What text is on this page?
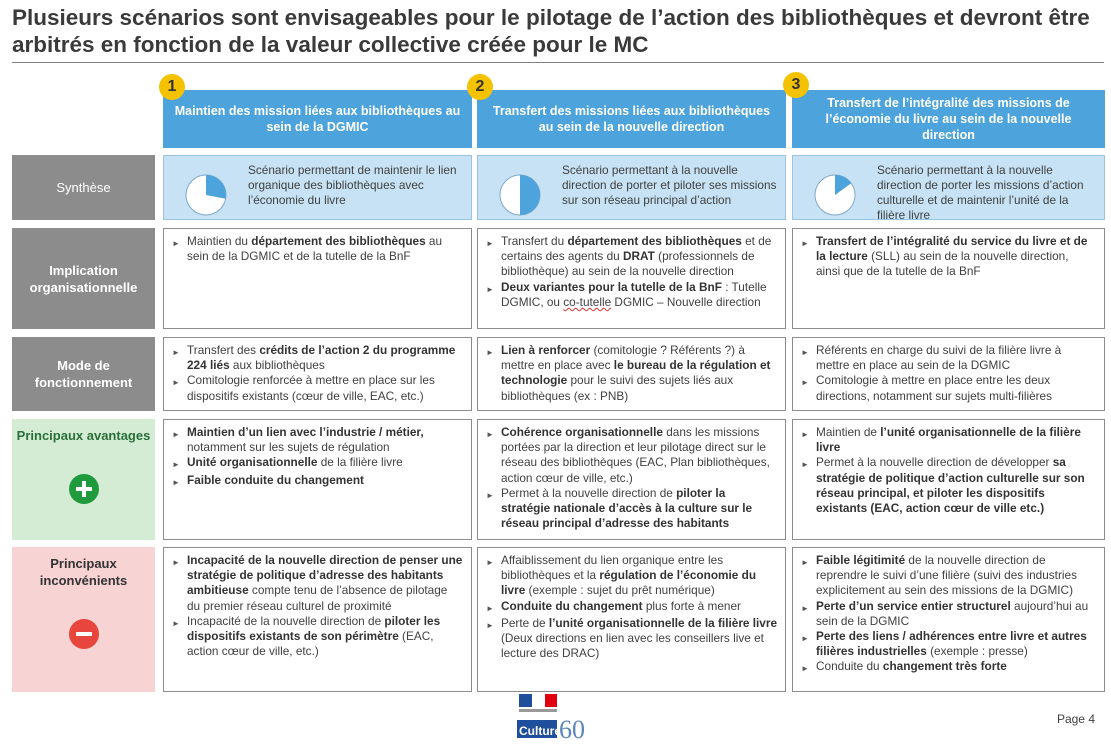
Plusieurs scénarios sont envisageables pour le pilotage de l’action des bibliothèques et devront être arbitrés en fonction de la valeur collective créée pour le MC
Maintien des mission liées aux bibliothèques au sein de la DGMIC
1
Transfert des missions liées aux bibliothèques au sein de la nouvelle direction
2
Transfert de l’intégralité des missions de l’économie du livre au sein de la nouvelle direction
3
Synthèse
Scénario permettant de maintenir le lien organique des bibliothèques avec l’économie du livre
Scénario permettant à la nouvelle direction de porter et piloter ses missions sur son réseau principal d’action
Scénario permettant à la nouvelle direction de porter les missions d’action culturelle et de maintenir l’unité de la filière livre
Implication organisationnelle
► Maintien du département des bibliothèques au sein de la DGMIC et de la tutelle de la BnF
► Transfert du département des bibliothèques et de certains des agents du DRAT (professionnels de bibliothèque) au sein de la nouvelle direction
► Deux variantes pour la tutelle de la BnF : Tutelle DGMIC, ou co-tutelle DGMIC – Nouvelle direction
► Transfert de l’intégralité du service du livre et de la lecture (SLL) au sein de la nouvelle direction, ainsi que de la tutelle de la BnF
Mode de fonctionnement
► Transfert des crédits de l’action 2 du programme 224 liés aux bibliothèques
► Comitologie renforcée à mettre en place sur les dispositifs existants (cœur de ville, EAC, etc.)
► Lien à renforcer (comitologie ? Référents ?) à mettre en place avec le bureau de la régulation et technologie pour le suivi des sujets liés aux bibliothèques (ex : PNB)
► Référents en charge du suivi de la filière livre à mettre en place au sein de la DGMIC
► Comitologie à mettre en place entre les deux directions, notamment sur sujets multi-filières
Principaux avantages	► Maintien d’un lien avec l’industrie / métier, notamment sur les sujets de régulation
► Unité organisationnelle de la filière livre
► Faible conduite du changement
► Cohérence organisationnelle dans les missions portées par la direction et leur pilotage direct sur le réseau des bibliothèques (EAC, Plan bibliothèques, action cœur de ville, etc.)
► Permet à la nouvelle direction de piloter la stratégie nationale d’accès à la culture sur le réseau principal d’adresse des habitants
► Maintien de l’unité organisationnelle de la filière livre
► Permet à la nouvelle direction de développer sa stratégie de politique d’action culturelle sur son réseau principal, et piloter les dispositifs existants (EAC, action cœur de ville etc.)
Principaux inconvénients
► Incapacité de la nouvelle direction de penser une stratégie de politique d’adresse des habitants ambitieuse compte tenu de l’absence de pilotage du premier réseau culturel de proximité
► Incapacité de la nouvelle direction de piloter les dispositifs existants de son périmètre (EAC, action cœur de ville, etc.)
► Affaiblissement du lien organique entre les bibliothèques et la régulation de l’économie du livre (exemple : sujet du prêt numérique)
► Conduite du changement plus forte à mener
► Perte de l’unité organisationnelle de la filière livre (Deux directions en lien avec les conseillers live et lecture des DRAC)
► Faible légitimité de la nouvelle direction de reprendre le suivi d’une filière (suivi des industries explicitement au sein des missions de la DGMIC)
► Perte d’un service entier structurel aujourd’hui au sein de la DGMIC
► Perte des liens / adhérences entre livre et autres filières industrielles (exemple : presse)
► Conduite du changement très forte
Culture
60	Page 4
